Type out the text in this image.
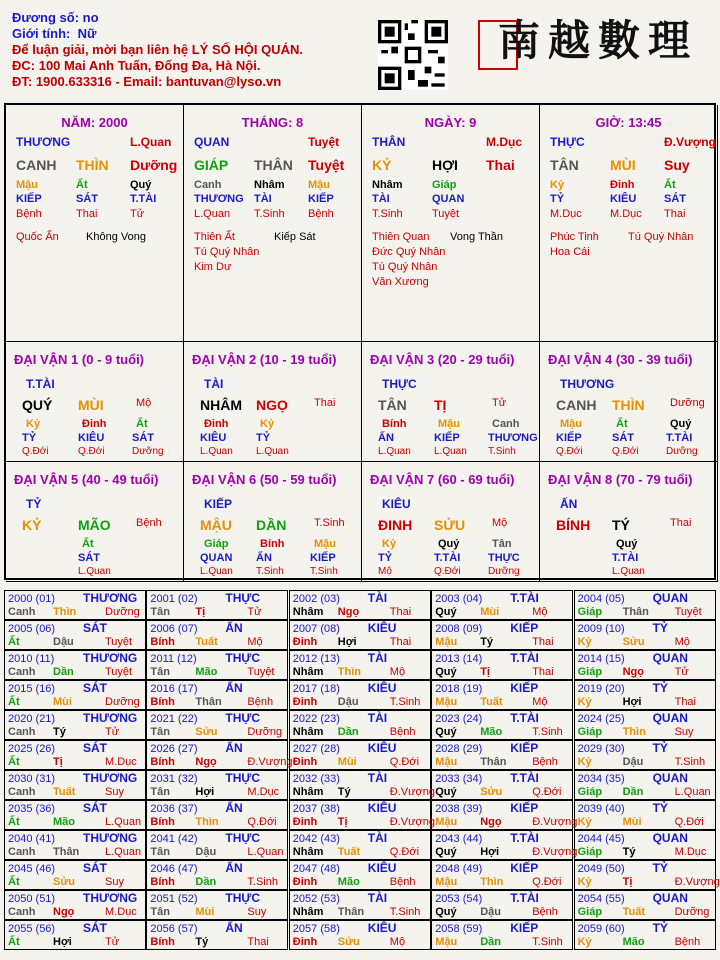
Đương số: no
Giới tính: Nữ
Để luận giải, mời bạn liên hệ LÝ SỐ HỘI QUÁN.
ĐC: 100 Mai Anh Tuấn, Đống Đa, Hà Nội.
ĐT: 1900.633316 - Email: bantuvan@lyso.vn
南越數理
NĂM: 2000
THƯƠNG	L.Quan
CANH THÌN Dưỡng
Mậu	Ất	Quý
KIẾP	SÁT	T.TÀI
Bệnh	Thai	Tử
Quốc Ấn Không Vong
THÁNG: 8
QUAN	Tuyệt
GIÁP THÂN Tuyệt
Canh	Nhâm Mậu
THƯƠNG TÀI	KIẾP
L.Quan T.Sinh Bệnh
Thiên Ất	Kiếp Sát
Tú Quý Nhân
Kim Dư
NGÀY: 9
THÂN	M.Dục
KỶ	HỢI Thai
Nhâm	Giáp
TÀI	QUAN
T.Sinh	Tuyệt
Thiên Quan Vong Thần
Đức Quý Nhân
Tú Quý Nhân
Văn Xương
GIỜ: 13:45
THỰC	Đ.Vượng
TÂN MÙI Suy
Kỷ	Đinh	Ất
TỶ	KIÊU	SÁT
M.Dục	M.Dục Thai
Phúc Tinh	Tú Quý Nhân
Hoa Cái
ĐẠI VẬN 1 (0 - 9 tuổi)
T.TÀI
QUÝ MÙI	Mộ
Kỷ	Đinh	Ất
TỶ	KIÊU	SÁT
Q.Đới	Q.Đới	Dưỡng
ĐẠI VẬN 2 (10 - 19 tuổi)
TÀI
NHÂM NGỌ Thai
Đinh	Kỷ
KIÊU	TỶ
L.Quan L.Quan
ĐẠI VẬN 3 (20 - 29 tuổi)
THỰC
TÂN TỊ	Tử
Bính	Mậu	Canh
ẤN	KIẾP	THƯƠNG
L.Quan L.Quan T.Sinh
ĐẠI VẬN 4 (30 - 39 tuổi)
THƯƠNG
CANH THÌN Dưỡng
Mậu	Ất	Quý
KIẾP	SÁT	T.TÀI
Q.Đới	Q.Đới	Dưỡng
ĐẠI VẬN 5 (40 - 49 tuổi)
TỶ
KỶ	MÃO Bệnh
Ất
SÁT
L.Quan
ĐẠI VẬN 6 (50 - 59 tuổi)
KIẾP
MẬU DẦN	T.Sinh
Giáp	Bính	Mậu
QUAN ẤN	KIẾP
L.Quan T.Sinh	T.Sinh
ĐẠI VẬN 7 (60 - 69 tuổi)
KIÊU
ĐINH SỬU Mộ
Kỷ	Quý	Tân
TỶ	T.TÀI	THỰC
Mộ	Q.Đới	Dưỡng
ĐẠI VẬN 8 (70 - 79 tuổi)
ẤN
BÍNH TÝ	Thai
Quý
T.TÀI
L.Quan
2000 (01) THƯƠNG
Canh Thìn	Dưỡng
2001 (02) THỰC
Tân Tị	Tử
2002 (03) TÀI
Nhâm Ngọ	Thai
2003 (04) T.TÀI
Quý Mùi	Mộ
2004 (05) QUAN
Giáp Thân Tuyệt
2005 (06) SÁT
Ất	Dậu	Tuyệt
2006 (07) ẤN
Bính Tuất	Mộ
2007 (08) KIÊU
Đinh Hợi	Thai
2008 (09) KIẾP
Mậu Tý	Thai
2009 (10) TỶ
Kỷ	Sửu	Mộ
2010 (11) THƯƠNG
Canh Dần	Tuyệt
2011 (12) THỰC
Tân Mão	Tuyệt
2012 (13) TÀI
Nhâm Thìn	Mộ
2013 (14) T.TÀI
Quý Tị	Thai
2014 (15) QUAN
Giáp Ngọ	Tử
2015 (16) SÁT
Ất	Mùi	Dưỡng
2016 (17) ẤN
Bính Thân Bệnh
2017 (18) KIÊU
Đinh Dậu	T.Sinh
2018 (19) KIẾP
Mậu Tuất	Mộ
2019 (20) TỶ
Kỷ	Hợi	Thai
2020 (21) THƯƠNG
Canh Tý	Tử
2021 (22) THỰC
Tân Sửu	Dưỡng
2022 (23) TÀI
Nhâm Dần	Bệnh
2023 (24) T.TÀI
Quý Mão	T.Sinh
2024 (25) QUAN
Giáp Thìn	Suy
2025 (26) SÁT
Ất	Tị	M.Dục
2026 (27) ẤN
Bính Ngọ	Đ.Vượng
2027 (28) KIÊU
Đinh Mùi	Q.Đới
2028 (29) KIẾP
Mậu Thân Bệnh
2029 (30) TỶ
Kỷ	Dậu	T.Sinh
2030 (31) THƯƠNG
Canh Tuất	Suy
2031 (32) THỰC
Tân Hợi	M.Dục
2032 (33) TÀI
Nhâm Tý	Đ.Vượng
2033 (34) T.TÀI
Quý Sửu	Q.Đới
2034 (35) QUAN
Giáp Dần	L.Quan
2035 (36) SÁT
Ất	Mão	L.Quan
2036 (37) ẤN
Bính Thìn	Q.Đới
2037 (38) KIÊU
Đinh Tị	Đ.Vượng
2038 (39) KIẾP
Mậu Ngọ	Đ.Vượng
2039 (40) TỶ
Kỷ	Mùi	Q.Đới
2040 (41) THƯƠNG
Canh Thân L.Quan
2041 (42) THỰC
Tân Dậu	L.Quan
2042 (43) TÀI
Nhâm Tuất	Q.Đới
2043 (44) T.TÀI
Quý Hợi	Đ.Vượng
2044 (45) QUAN
Giáp Tý	M.Dục
2045 (46) SÁT
Ất	Sửu	Suy
2046 (47) ẤN
Bính Dần	T.Sinh
2047 (48) KIÊU
Đinh Mão	Bệnh
2048 (49) KIẾP
Mậu Thìn	Q.Đới
2049 (50) TỶ
Kỷ	Tị	Đ.Vượng
2050 (51) THƯƠNG
Canh Ngọ	M.Dục
2051 (52) THỰC
Tân Mùi	Suy
2052 (53) TÀI
Nhâm Thân T.Sinh
2053 (54) T.TÀI
Quý Dậu	Bệnh
2054 (55) QUAN
Giáp Tuất	Dưỡng
2055 (56) SÁT
Ất	Hợi	Tử
2056 (57) ẤN
Bính Tý	Thai
2057 (58) KIÊU
Đinh Sửu	Mộ
2058 (59) KIẾP
Mậu Dần	T.Sinh
2059 (60) TỶ
Kỷ	Mão	Bệnh
